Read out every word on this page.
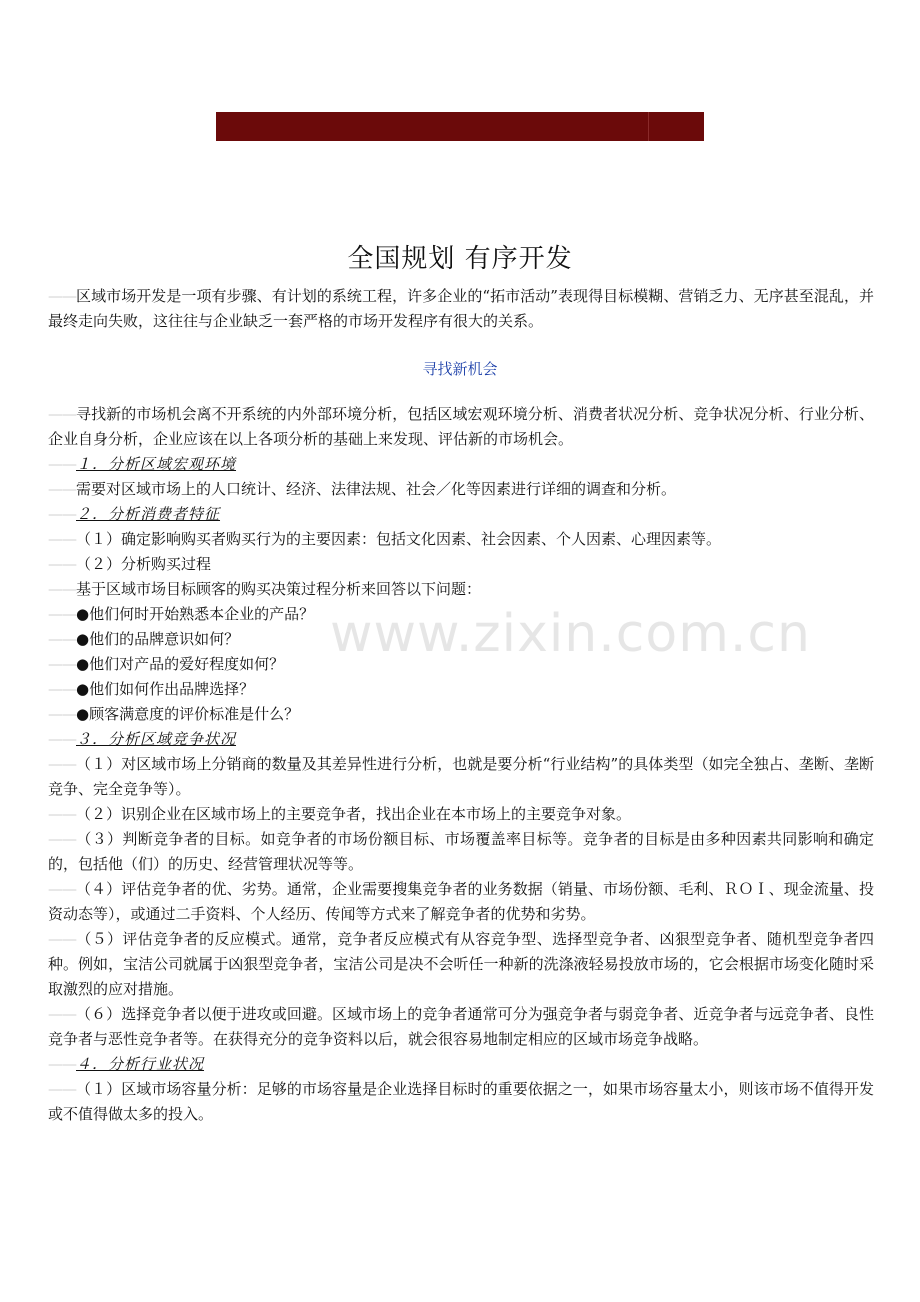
www.zixin.com.cn
全国规划 有序开发

——区域市场开发是一项有步骤、有计划的系统工程，许多企业的“拓市活动”表现得目标模糊、营销乏力、无序甚至混乱，并最终走向失败，这往往与企业缺乏一套严格的市场开发程序有很大的关系。

寻找新机会

——寻找新的市场机会离不开系统的内外部环境分析，包括区域宏观环境分析、消费者状况分析、竞争状况分析、行业分析、企业自身分析，企业应该在以上各项分析的基础上来发现、评估新的市场机会。

——１．分析区域宏观环境

——需要对区域市场上的人口统计、经济、法律法规、社会／化等因素进行详细的调查和分析。

——２．分析消费者特征

——（１）确定影响购买者购买行为的主要因素：包括文化因素、社会因素、个人因素、心理因素等。

——（２）分析购买过程

——基于区域市场目标顾客的购买决策过程分析来回答以下问题：

——●他们何时开始熟悉本企业的产品？

——●他们的品牌意识如何？

——●他们对产品的爱好程度如何？

——●他们如何作出品牌选择？

——●顾客满意度的评价标准是什么？

——３．分析区域竞争状况

——（１）对区域市场上分销商的数量及其差异性进行分析，也就是要分析“行业结构”的具体类型（如完全独占、垄断、垄断竞争、完全竞争等）。

——（２）识别企业在区域市场上的主要竞争者，找出企业在本市场上的主要竞争对象。

——（３）判断竞争者的目标。如竞争者的市场份额目标、市场覆盖率目标等。竞争者的目标是由多种因素共同影响和确定的，包括他（们）的历史、经营管理状况等等。

——（４）评估竞争者的优、劣势。通常，企业需要搜集竞争者的业务数据（销量、市场份额、毛利、ＲＯＩ、现金流量、投资动态等），或通过二手资料、个人经历、传闻等方式来了解竞争者的优势和劣势。

——（５）评估竞争者的反应模式。通常，竞争者反应模式有从容竞争型、选择型竞争者、凶狠型竞争者、随机型竞争者四种。例如，宝洁公司就属于凶狠型竞争者，宝洁公司是决不会听任一种新的洗涤液轻易投放市场的，它会根据市场变化随时采取激烈的应对措施。

——（６）选择竞争者以便于进攻或回避。区域市场上的竞争者通常可分为强竞争者与弱竞争者、近竞争者与远竞争者、良性竞争者与恶性竞争者等。在获得充分的竞争资料以后，就会很容易地制定相应的区域市场竞争战略。

——４．分析行业状况

——（１）区域市场容量分析：足够的市场容量是企业选择目标时的重要依据之一，如果市场容量太小，则该市场不值得开发或不值得做太多的投入。
